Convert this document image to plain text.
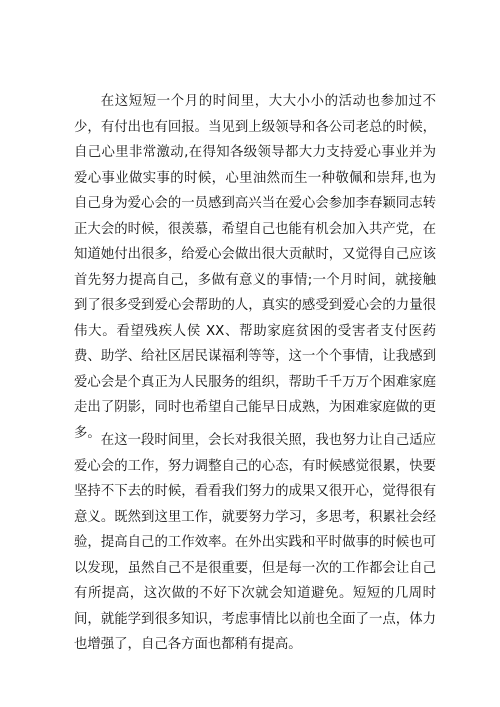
在这短短一个月的时间里，大大小小的活动也参加过不少，有付出也有回报。当见到上级领导和各公司老总的时候，自己心里非常激动,在得知各级领导都大力支持爱心事业并为爱心事业做实事的时候，心里油然而生一种敬佩和崇拜,也为自己身为爱心会的一员感到高兴当在爱心会参加李春颖同志转正大会的时候，很羡慕，希望自己也能有机会加入共产党，在知道她付出很多，给爱心会做出很大贡献时，又觉得自己应该首先努力提高自己，多做有意义的事情;一个月时间，就接触到了很多受到爱心会帮助的人，真实的感受到爱心会的力量很伟大。看望残疾人侯 XX、帮助家庭贫困的受害者支付医药费、助学、给社区居民谋福利等等，这一个个事情，让我感到爱心会是个真正为人民服务的组织，帮助千千万万个困难家庭走出了阴影，同时也希望自己能早日成熟，为困难家庭做的更多。 在这一段时间里，会长对我很关照，我也努力让自己适应爱心会的工作，努力调整自己的心态，有时候感觉很累，快要坚持不下去的时候，看看我们努力的成果又很开心，觉得很有意义。既然到这里工作，就要努力学习，多思考，积累社会经验，提高自己的工作效率。在外出实践和平时做事的时候也可以发现，虽然自己不是很重要，但是每一次的工作都会让自己有所提高，这次做的不好下次就会知道避免。短短的几周时间，就能学到很多知识，考虑事情比以前也全面了一点，体力也增强了，自己各方面也都稍有提高。
